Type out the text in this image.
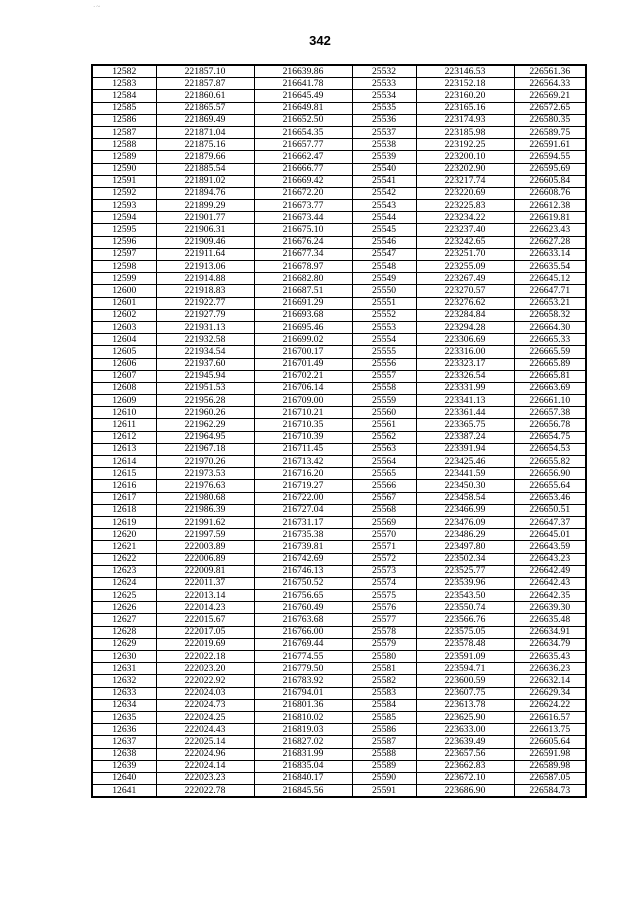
·~
342
12582	221857.10	216639.86	25532	223146.53	226561.36
12583	221857.87	216641.78	25533	223152.18	226564.33
12584	221860.61	216645.49	25534	223160.20	226569.21
12585	221865.57	216649.81	25535	223165.16	226572.65
12586	221869.49	216652.50	25536	223174.93	226580.35
12587	221871.04	216654.35	25537	223185.98	226589.75
12588	221875.16	216657.77	25538	223192.25	226591.61
12589	221879.66	216662.47	25539	223200.10	226594.55
12590	221885.54	216666.77	25540	223202.90	226595.69
12591	221891.02	216669.42	25541	223217.74	226605.84
12592	221894.76	216672.20	25542	223220.69	226608.76
12593	221899.29	216673.77	25543	223225.83	226612.38
12594	221901.77	216673.44	25544	223234.22	226619.81
12595	221906.31	216675.10	25545	223237.40	226623.43
12596	221909.46	216676.24	25546	223242.65	226627.28
12597	221911.64	216677.34	25547	223251.70	226633.14
12598	221913.06	216678.97	25548	223255.09	226635.54
12599	221914.88	216682.80	25549	223267.49	226645.12
12600	221918.83	216687.51	25550	223270.57	226647.71
12601	221922.77	216691.29	25551	223276.62	226653.21
12602	221927.79	216693.68	25552	223284.84	226658.32
12603	221931.13	216695.46	25553	223294.28	226664.30
12604	221932.58	216699.02	25554	223306.69	226665.33
12605	221934.54	216700.17	25555	223316.00	226665.59
12606	221937.60	216701.49	25556	223323.17	226665.89
12607	221945.94	216702.21	25557	223326.54	226665.81
12608	221951.53	216706.14	25558	223331.99	226663.69
12609	221956.28	216709.00	25559	223341.13	226661.10
12610	221960.26	216710.21	25560	223361.44	226657.38
12611	221962.29	216710.35	25561	223365.75	226656.78
12612	221964.95	216710.39	25562	223387.24	226654.75
12613	221967.18	216711.45	25563	223391.94	226654.53
12614	221970.26	216713.42	25564	223425.46	226655.82
12615	221973.53	216716.20	25565	223441.59	226656.90
12616	221976.63	216719.27	25566	223450.30	226655.64
12617	221980.68	216722.00	25567	223458.54	226653.46
12618	221986.39	216727.04	25568	223466.99	226650.51
12619	221991.62	216731.17	25569	223476.09	226647.37
12620	221997.59	216735.38	25570	223486.29	226645.01
12621	222003.89	216739.81	25571	223497.80	226643.59
12622	222006.89	216742.69	25572	223502.34	226643.23
12623	222009.81	216746.13	25573	223525.77	226642.49
12624	222011.37	216750.52	25574	223539.96	226642.43
12625	222013.14	216756.65	25575	223543.50	226642.35
12626	222014.23	216760.49	25576	223550.74	226639.30
12627	222015.67	216763.68	25577	223566.76	226635.48
12628	222017.05	216766.00	25578	223575.05	226634.91
12629	222019.69	216769.44	25579	223578.48	226634.79
12630	222022.18	216774.55	25580	223591.09	226635.43
12631	222023.20	216779.50	25581	223594.71	226636.23
12632	222022.92	216783.92	25582	223600.59	226632.14
12633	222024.03	216794.01	25583	223607.75	226629.34
12634	222024.73	216801.36	25584	223613.78	226624.22
12635	222024.25	216810.02	25585	223625.90	226616.57
12636	222024.43	216819.03	25586	223633.00	226613.75
12637	222025.14	216827.02	25587	223639.49	226605.64
12638	222024.96	216831.99	25588	223657.56	226591.98
12639	222024.14	216835.04	25589	223662.83	226589.98
12640	222023.23	216840.17	25590	223672.10	226587.05
12641	222022.78	216845.56	25591	223686.90	226584.73
